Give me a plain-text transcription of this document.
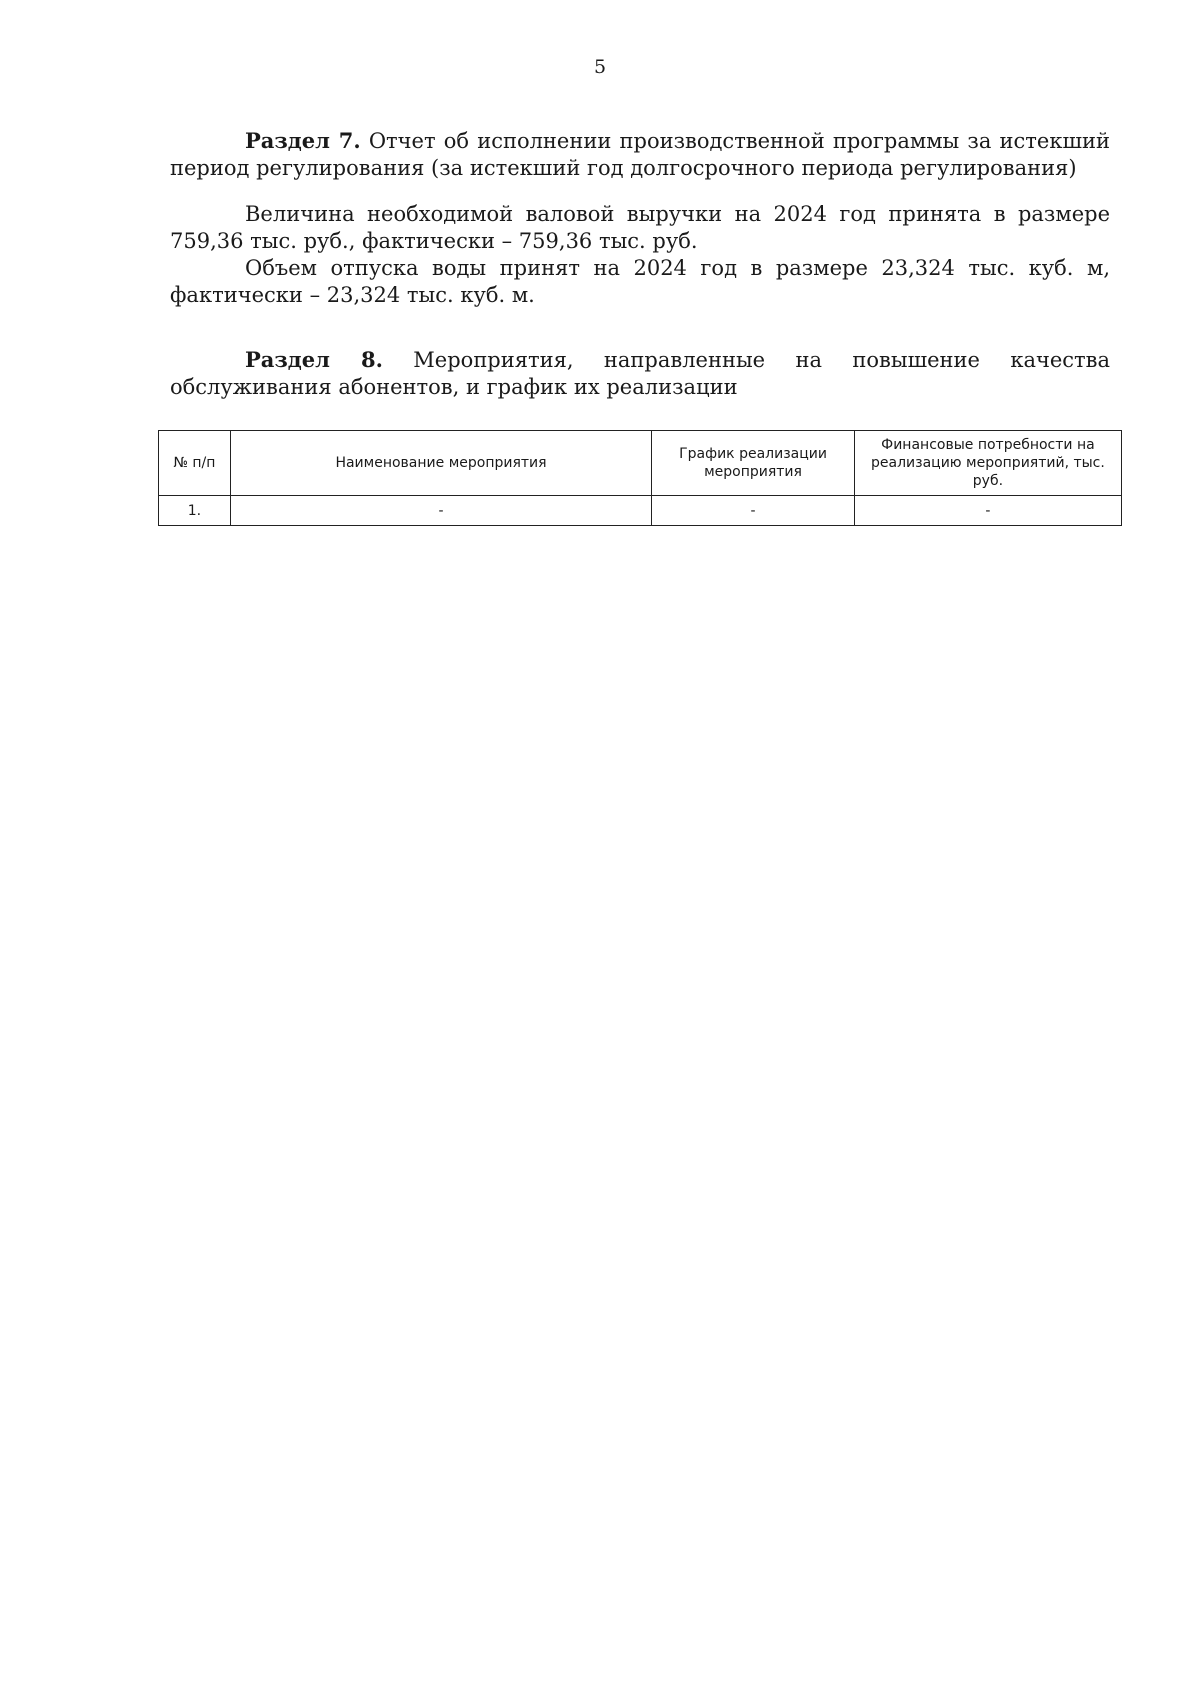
5

Раздел 7. Отчет об исполнении производственной программы за истекший период регулирования (за истекший год долгосрочного периода регулирования)

Величина необходимой валовой выручки на 2024 год принята в размере 759,36 тыс. руб., фактически – 759,36 тыс. руб.

Объем отпуска воды принят на 2024 год в размере 23,324 тыс. куб. м, фактически – 23,324 тыс. куб. м.

Раздел 8. Мероприятия, направленные на повышение качества обслуживания абонентов, и график их реализации

№ п/п	Наименование мероприятия	График реализации мероприятия	Финансовые потребности на реализацию мероприятий, тыс. руб.
1.	-	-	-
